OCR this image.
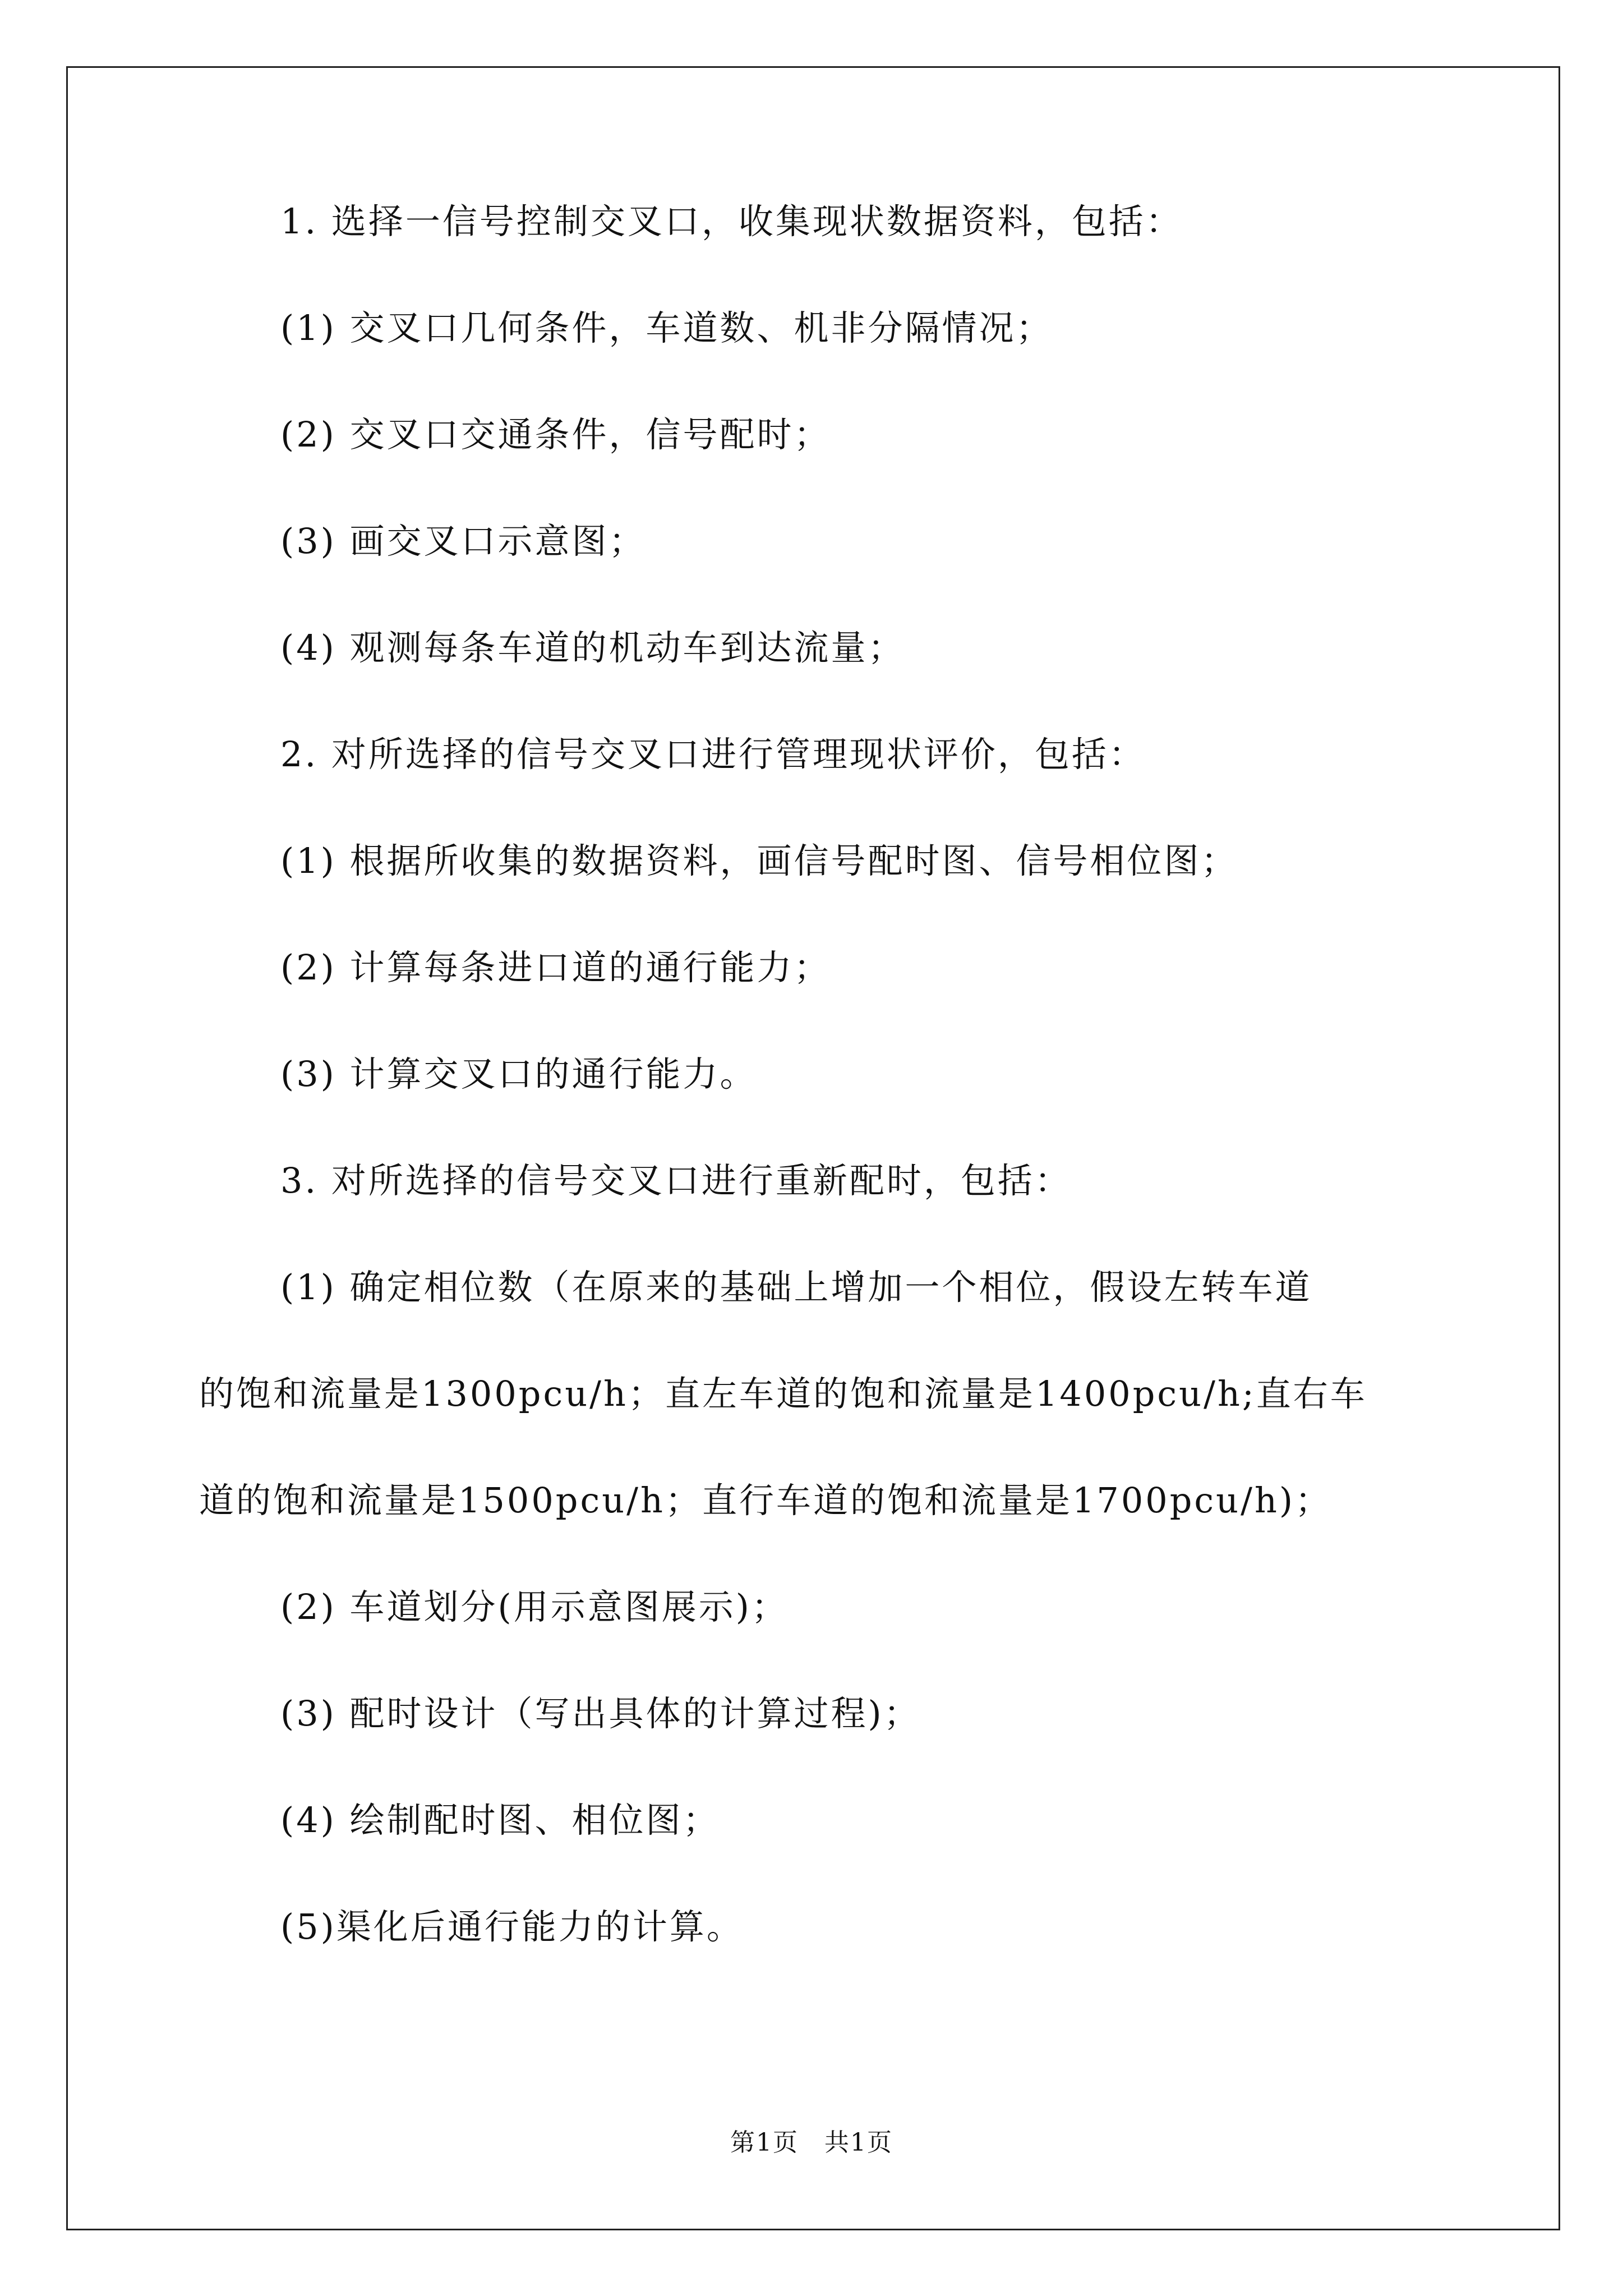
1. 选择一信号控制交叉口，收集现状数据资料，包括：
(1) 交叉口几何条件，车道数、机非分隔情况；
(2) 交叉口交通条件，信号配时；
(3) 画交叉口示意图；
(4) 观测每条车道的机动车到达流量；
2. 对所选择的信号交叉口进行管理现状评价，包括：
(1) 根据所收集的数据资料，画信号配时图、信号相位图；
(2) 计算每条进口道的通行能力；
(3) 计算交叉口的通行能力。
3. 对所选择的信号交叉口进行重新配时，包括：
(1) 确定相位数（在原来的基础上增加一个相位，假设左转车道
的饱和流量是1300pcu/h；直左车道的饱和流量是1400pcu/h;直右车
道的饱和流量是1500pcu/h；直行车道的饱和流量是1700pcu/h)；
(2) 车道划分(用示意图展示)；
(3) 配时设计（写出具体的计算过程)；
(4) 绘制配时图、相位图；
(5)渠化后通行能力的计算。
第1页　共1页
